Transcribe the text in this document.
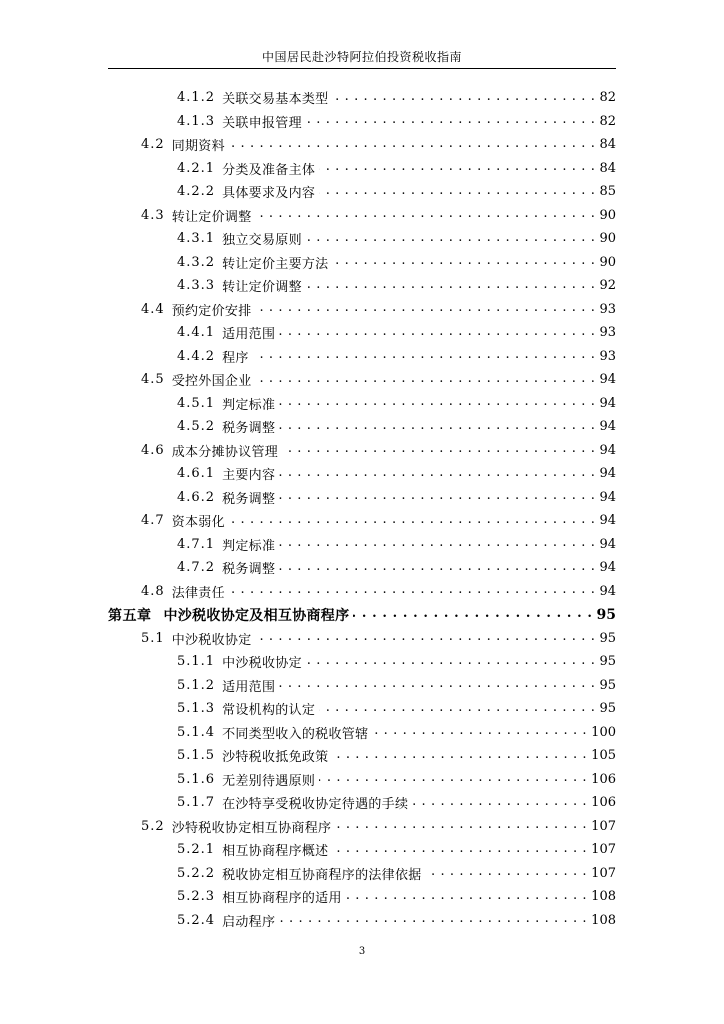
中国居民赴沙特阿拉伯投资税收指南
4.1.2 关联交易基本类型 . . .	82
4.1.3 关联申报管理 . . .	82
4.2 同期资料 . . .	84
4.2.1 分类及准备主体 . . .	84
4.2.2 具体要求及内容 . . .	85
4.3 转让定价调整 . . .	90
4.3.1 独立交易原则 . . .	90
4.3.2 转让定价主要方法 . . .	90
4.3.3 转让定价调整 . . .	92
4.4 预约定价安排 . . .	93
4.4.1 适用范围 . . .	93
4.4.2 程序 . . .	93
4.5 受控外国企业 . . .	94
4.5.1 判定标准 . . .	94
4.5.2 税务调整 . . .	94
4.6 成本分摊协议管理 . . .	94
4.6.1 主要内容 . . .	94
4.6.2 税务调整 . . .	94
4.7 资本弱化 . . .	94
4.7.1 判定标准 . . .	94
4.7.2 税务调整 . . .	94
4.8 法律责任 . . .	94
第五章 中沙税收协定及相互协商程序 . . .	95
5.1 中沙税收协定 . . .	95
5.1.1 中沙税收协定 . . .	95
5.1.2 适用范围 . . .	95
5.1.3 常设机构的认定 . . .	95
5.1.4 不同类型收入的税收管辖 . . .	100
5.1.5 沙特税收抵免政策 . . .	105
5.1.6 无差别待遇原则 . . .	106
5.1.7 在沙特享受税收协定待遇的手续 . . .	106
5.2 沙特税收协定相互协商程序 . . .	107
5.2.1 相互协商程序概述 . . .	107
5.2.2 税收协定相互协商程序的法律依据 . . .	107
5.2.3 相互协商程序的适用 . . .	108
5.2.4 启动程序 . . .	108
3
